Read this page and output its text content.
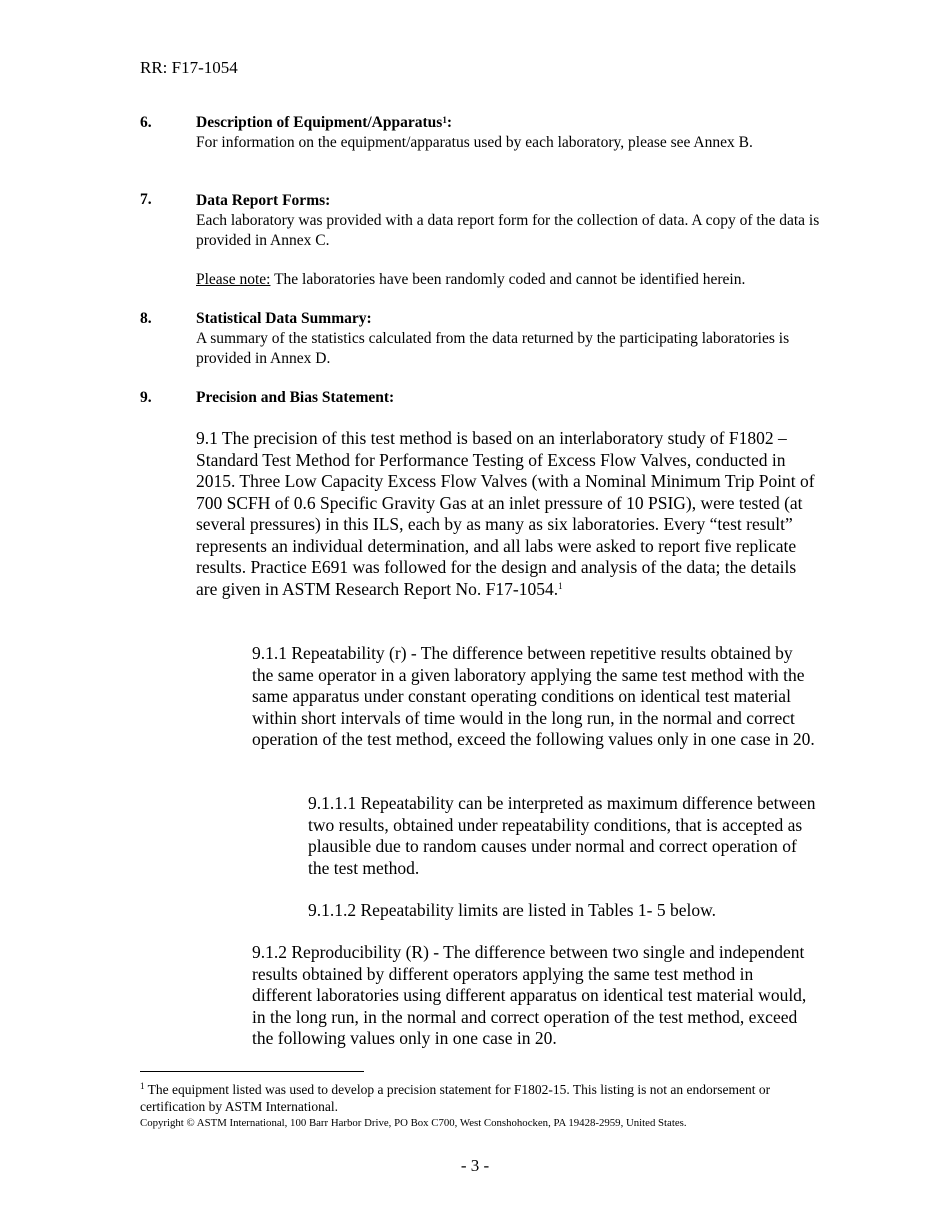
RR: F17-1054
6.	Description of Equipment/Apparatus$^1$:
For information on the equipment/apparatus used by each laboratory, please see Annex B.
7.	Data Report Forms:
Each laboratory was provided with a data report form for the collection of data. A copy of the data is provided in Annex C.
Please note: The laboratories have been randomly coded and cannot be identified herein.
8.	Statistical Data Summary:
A summary of the statistics calculated from the data returned by the participating laboratories is provided in Annex D.
9.	Precision and Bias Statement:
9.1 The precision of this test method is based on an interlaboratory study of F1802 – Standard Test Method for Performance Testing of Excess Flow Valves, conducted in 2015. Three Low Capacity Excess Flow Valves (with a Nominal Minimum Trip Point of 700 SCFH of 0.6 Specific Gravity Gas at an inlet pressure of 10 PSIG), were tested (at several pressures) in this ILS, each by as many as six laboratories. Every “test result” represents an individual determination, and all labs were asked to report five replicate results. Practice E691 was followed for the design and analysis of the data; the details are given in ASTM Research Report No. F17-1054.$^1$
9.1.1 Repeatability (r) - The difference between repetitive results obtained by the same operator in a given laboratory applying the same test method with the same apparatus under constant operating conditions on identical test material within short intervals of time would in the long run, in the normal and correct operation of the test method, exceed the following values only in one case in 20.
9.1.1.1 Repeatability can be interpreted as maximum difference between two results, obtained under repeatability conditions, that is accepted as plausible due to random causes under normal and correct operation of the test method.
9.1.1.2 Repeatability limits are listed in Tables 1- 5 below.
9.1.2 Reproducibility (R) - The difference between two single and independent results obtained by different operators applying the same test method in different laboratories using different apparatus on identical test material would, in the long run, in the normal and correct operation of the test method, exceed the following values only in one case in 20.
$^1$ The equipment listed was used to develop a precision statement for F1802-15. This listing is not an endorsement or certification by ASTM International.
Copyright © ASTM International, 100 Barr Harbor Drive, PO Box C700, West Conshohocken, PA 19428-2959, United States.
- 3 -
